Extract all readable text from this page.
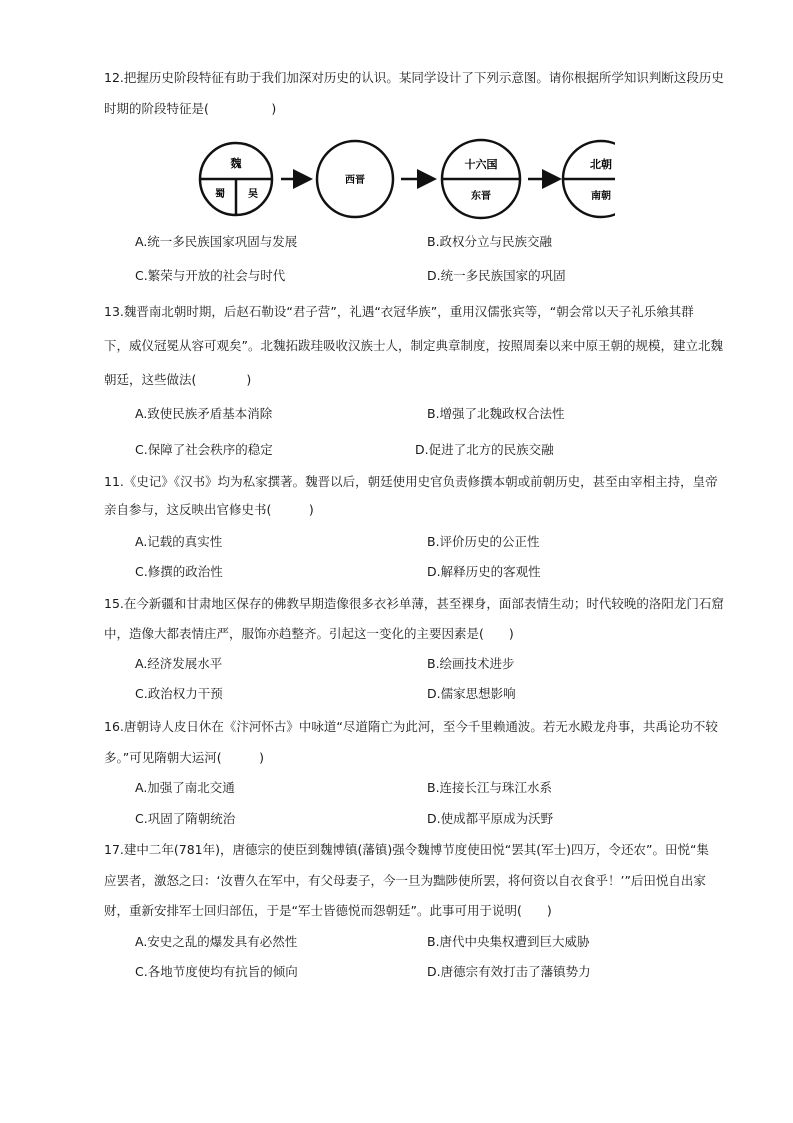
12.把握历史阶段特征有助于我们加深对历史的认识。某同学设计了下列示意图。请你根据所学知识判断这段历史
时期的阶段特征是(　　　　　)
魏
蜀 吴
西晋
十六国
东晋
北朝
南朝
A.统一多民族国家巩固与发展	B.政权分立与民族交融
C.繁荣与开放的社会与时代	D.统一多民族国家的巩固
13.魏晋南北朝时期，后赵石勒设“君子营”，礼遇“衣冠华族”，重用汉儒张宾等，“朝会常以天子礼乐飨其群
下，威仪冠冕从容可观矣”。北魏拓跋珪吸收汉族士人，制定典章制度，按照周秦以来中原王朝的规模，建立北魏
朝廷，这些做法(　　　　)
A.致使民族矛盾基本消除	B.增强了北魏政权合法性
C.保障了社会秩序的稳定	D.促进了北方的民族交融
11.《史记》《汉书》均为私家撰著。魏晋以后，朝廷使用史官负责修撰本朝或前朝历史，甚至由宰相主持，皇帝
亲自参与，这反映出官修史书(　　　)
A.记载的真实性	B.评价历史的公正性
C.修撰的政治性	D.解释历史的客观性
15.在今新疆和甘肃地区保存的佛教早期造像很多衣衫单薄，甚至裸身，面部表情生动；时代较晚的洛阳龙门石窟
中，造像大都表情庄严，服饰亦趋整齐。引起这一变化的主要因素是(　　)
A.经济发展水平	B.绘画技术进步
C.政治权力干预	D.儒家思想影响
16.唐朝诗人皮日休在《汴河怀古》中咏道“尽道隋亡为此河，至今千里赖通波。若无水殿龙舟事，共禹论功不较
多。”可见隋朝大运河(　　　)
A.加强了南北交通	B.连接长江与珠江水系
C.巩固了隋朝统治	D.使成都平原成为沃野
17.建中二年(781年)，唐德宗的使臣到魏博镇(藩镇)强令魏博节度使田悦“罢其(军士)四万，令还农”。田悦“集
应罢者，激怒之曰：‘汝曹久在军中，有父母妻子，今一旦为黜陟使所罢，将何资以自衣食乎！’”后田悦自出家
财，重新安排军士回归部伍，于是“军士皆德悦而怨朝廷”。此事可用于说明(　　)
A.安史之乱的爆发具有必然性	B.唐代中央集权遭到巨大威胁
C.各地节度使均有抗旨的倾向	D.唐德宗有效打击了藩镇势力
